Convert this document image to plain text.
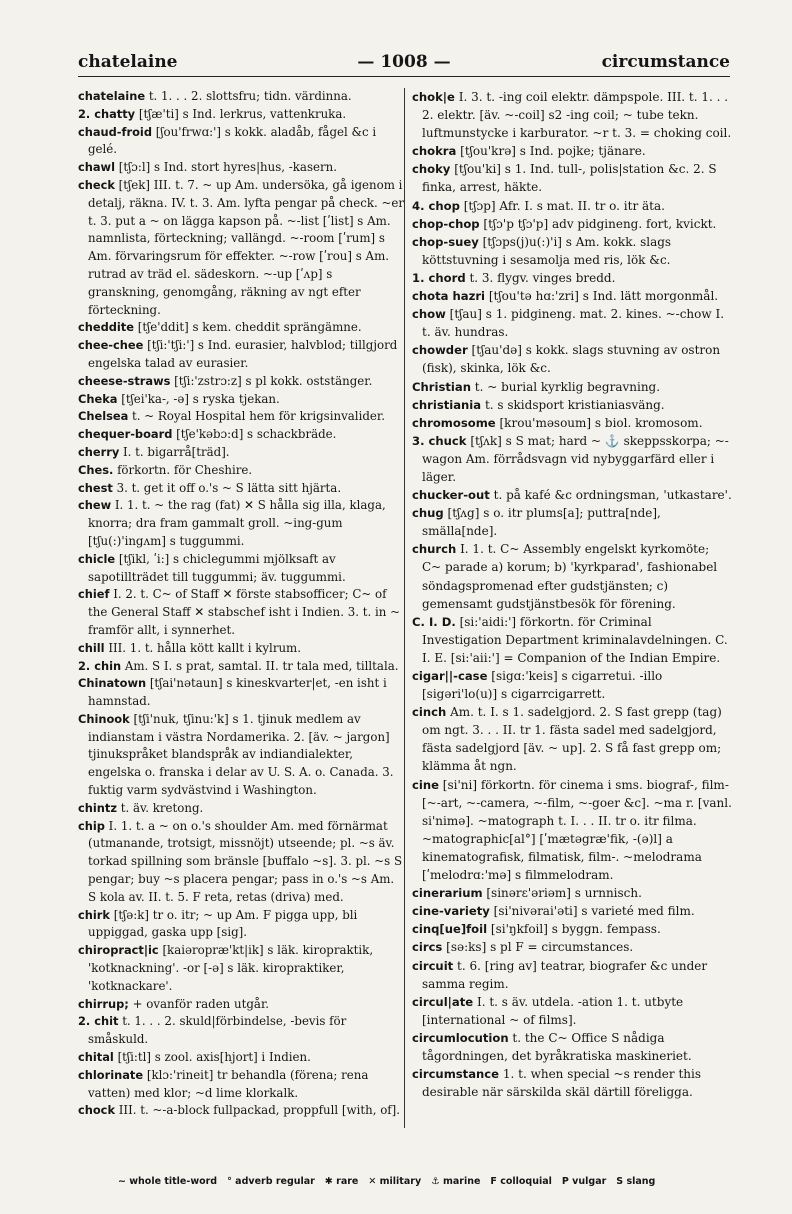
chatelaine	— 1008 —	circumstance
chatelaine t. 1. . . 2. slottsfru; tidn. värdinna.
2. chatty [tʃæ'ti] s Ind. lerkrus, vattenkruka.
chaud-froid [ʃou'frwɑ:'] s kokk. aladåb, fågel &c i gelé.
chawl [tʃɔ:l] s Ind. stort hyres|hus, -kasern.
check [tʃek] III. t. 7. ~ up Am. undersöka, gå igenom i detalj, räkna. IV. t. 3. Am. lyfta pengar på check. ~er t. 3. put a ~ on lägga kapson på. ~-list [ʹlist] s Am. namnlista, förteckning; vallängd. ~-room [ʹrum] s Am. förvaringsrum för effekter. ~-row [ʹrou] s Am. rutrad av träd el. sädeskorn. ~-up [ʹʌp] s granskning, genomgång, räkning av ngt efter förteckning.
cheddite [tʃe'ddit] s kem. cheddit sprängämne.
chee-chee [tʃi:'tʃi:'] s Ind. eurasier, halvblod; tillgjord engelska talad av eurasier.
cheese-straws [tʃi:'zstrɔ:z] s pl kokk. oststänger.
Cheka [tʃei'ka-, -ə] s ryska tjekan.
Chelsea t. ~ Royal Hospital hem för krigsinvalider.
chequer-board [tʃe'kəbɔ:d] s schackbräde.
cherry I. t. bigarrå[träd].
Ches. förkortn. för Cheshire.
chest 3. t. get it off o.'s ~ S lätta sitt hjärta.
chew I. 1. t. ~ the rag (fat) ✕ S hålla sig illa, klaga, knorra; dra fram gammalt groll. ~ing-gum [tʃu(:)'ingʌm] s tuggummi.
chicle [tʃikl, ʹi:] s chiclegummi mjölksaft av sapotillträdet till tuggummi; äv. tuggummi.
chief I. 2. t. C~ of Staff ✕ förste stabsofficer; C~ of the General Staff ✕ stabschef isht i Indien. 3. t. in ~ framför allt, i synnerhet.
chill III. 1. t. hålla kött kallt i kylrum.
2. chin Am. S I. s prat, samtal. II. tr tala med, tilltala.
Chinatown [tʃai'nətaun] s kineskvarter|et, -en isht i hamnstad.
Chinook [tʃi'nuk, tʃinu:'k] s 1. tjinuk medlem av indianstam i västra Nordamerika. 2. [äv. ~ jargon] tjinukspråket blandspråk av indiandialekter, engelska o. franska i delar av U. S. A. o. Canada. 3. fuktig varm sydvästvind i Washington.
chintz t. äv. kretong.
chip I. 1. t. a ~ on o.'s shoulder Am. med förnärmat (utmanande, trotsigt, missnöjt) utseende; pl. ~s äv. torkad spillning som bränsle [buffalo ~s]. 3. pl. ~s S pengar; buy ~s placera pengar; pass in o.'s ~s Am. S kola av. II. t. 5. F reta, retas (driva) med.
chirk [tʃə:k] tr o. itr; ~ up Am. F pigga upp, bli uppiggad, gaska upp [sig].
chiropract|ic [kaiəropræ'kt|ik] s läk. kiropraktik, 'kotknackning'. -or [-ə] s läk. kiropraktiker, 'kotknackare'.
chirrup; + ovanför raden utgår.
2. chit t. 1. . . 2. skuld|förbindelse, -bevis för småskuld.
chital [tʃi:tl] s zool. axis[hjort] i Indien.
chlorinate [klɔ:'rineit] tr behandla (förena; rena vatten) med klor; ~d lime klorkalk.
chock III. t. ~-a-block fullpackad, proppfull [with, of].
chok|e I. 3. t. -ing coil elektr. dämpspole. III. t. 1. . . 2. elektr. [äv. ~-coil] s2 -ing coil; ~ tube tekn. luftmunstycke i karburator. ~r t. 3. = choking coil.
chokra [tʃou'krə] s Ind. pojke; tjänare.
choky [tʃou'ki] s 1. Ind. tull-, polis|station &c. 2. S finka, arrest, häkte.
4. chop [tʃɔp] Afr. I. s mat. II. tr o. itr äta.
chop-chop [tʃɔ'p tʃɔ'p] adv pidgineng. fort, kvickt.
chop-suey [tʃɔps(j)u(:)'i] s Am. kokk. slags köttstuvning i sesamolja med ris, lök &c.
1. chord t. 3. flygv. vinges bredd.
chota hazri [tʃou'tə hɑ:'zri] s Ind. lätt morgonmål.
chow [tʃau] s 1. pidgineng. mat. 2. kines. ~-chow I. t. äv. hundras.
chowder [tʃau'də] s kokk. slags stuvning av ostron (fisk), skinka, lök &c.
Christian t. ~ burial kyrklig begravning.
christiania t. s skidsport kristianiasväng.
chromosome [krou'məsoum] s biol. kromosom.
3. chuck [tʃʌk] s S mat; hard ~ ⚓ skeppsskorpa; ~-wagon Am. förrådsvagn vid nybyggarfärd eller i läger.
chucker-out t. på kafé &c ordningsman, 'utkastare'.
chug [tʃʌg] s o. itr plums[a]; puttra[nde], smälla[nde].
church I. 1. t. C~ Assembly engelskt kyrkomöte; C~ parade a) korum; b) 'kyrkparad', fashionabel söndagspromenad efter gudstjänsten; c) gemensamt gudstjänstbesök för förening.
C. I. D. [si:'aidi:'] förkortn. för Criminal Investigation Department kriminalavdelningen. C. I. E. [si:'aii:'] = Companion of the Indian Empire.
cigar||-case [sigɑ:'keis] s cigarretui. -illo [sigəri'lo(u)] s cigarrcigarrett.
cinch Am. t. I. s 1. sadelgjord. 2. S fast grepp (tag) om ngt. 3. . . II. tr 1. fästa sadel med sadelgjord, fästa sadelgjord [äv. ~ up]. 2. S få fast grepp om; klämma åt ngn.
cine [si'ni] förkortn. för cinema i sms. biograf-, film- [~-art, ~-camera, ~-film, ~-goer &c]. ~ma r. [vanl. si'nimə]. ~matograph t. I. . . II. tr o. itr filma. ~matographic[al°] [ʹmætəgræ'fik, -(ə)l] a kinematografisk, filmatisk, film-. ~melodrama [ʹmelodrɑ:'mə] s filmmelodram.
cinerarium [sinərɛ'əriəm] s urnnisch.
cine-variety [si'nivərai'əti] s varieté med film.
cinq[ue]foil [si'ŋkfoil] s byggn. fempass.
circs [sə:ks] s pl F = circumstances.
circuit t. 6. [ring av] teatrar, biografer &c under samma regim.
circul|ate I. t. s äv. utdela. -ation 1. t. utbyte [international ~ of films].
circumlocution t. the C~ Office S nådiga tågordningen, det byråkratiska maskineriet.
circumstance 1. t. when special ~s render this desirable när särskilda skäl därtill föreligga.
~ whole title-word ° adverb regular ✱ rare ✕ military ⚓ marine F colloquial P vulgar S slang
